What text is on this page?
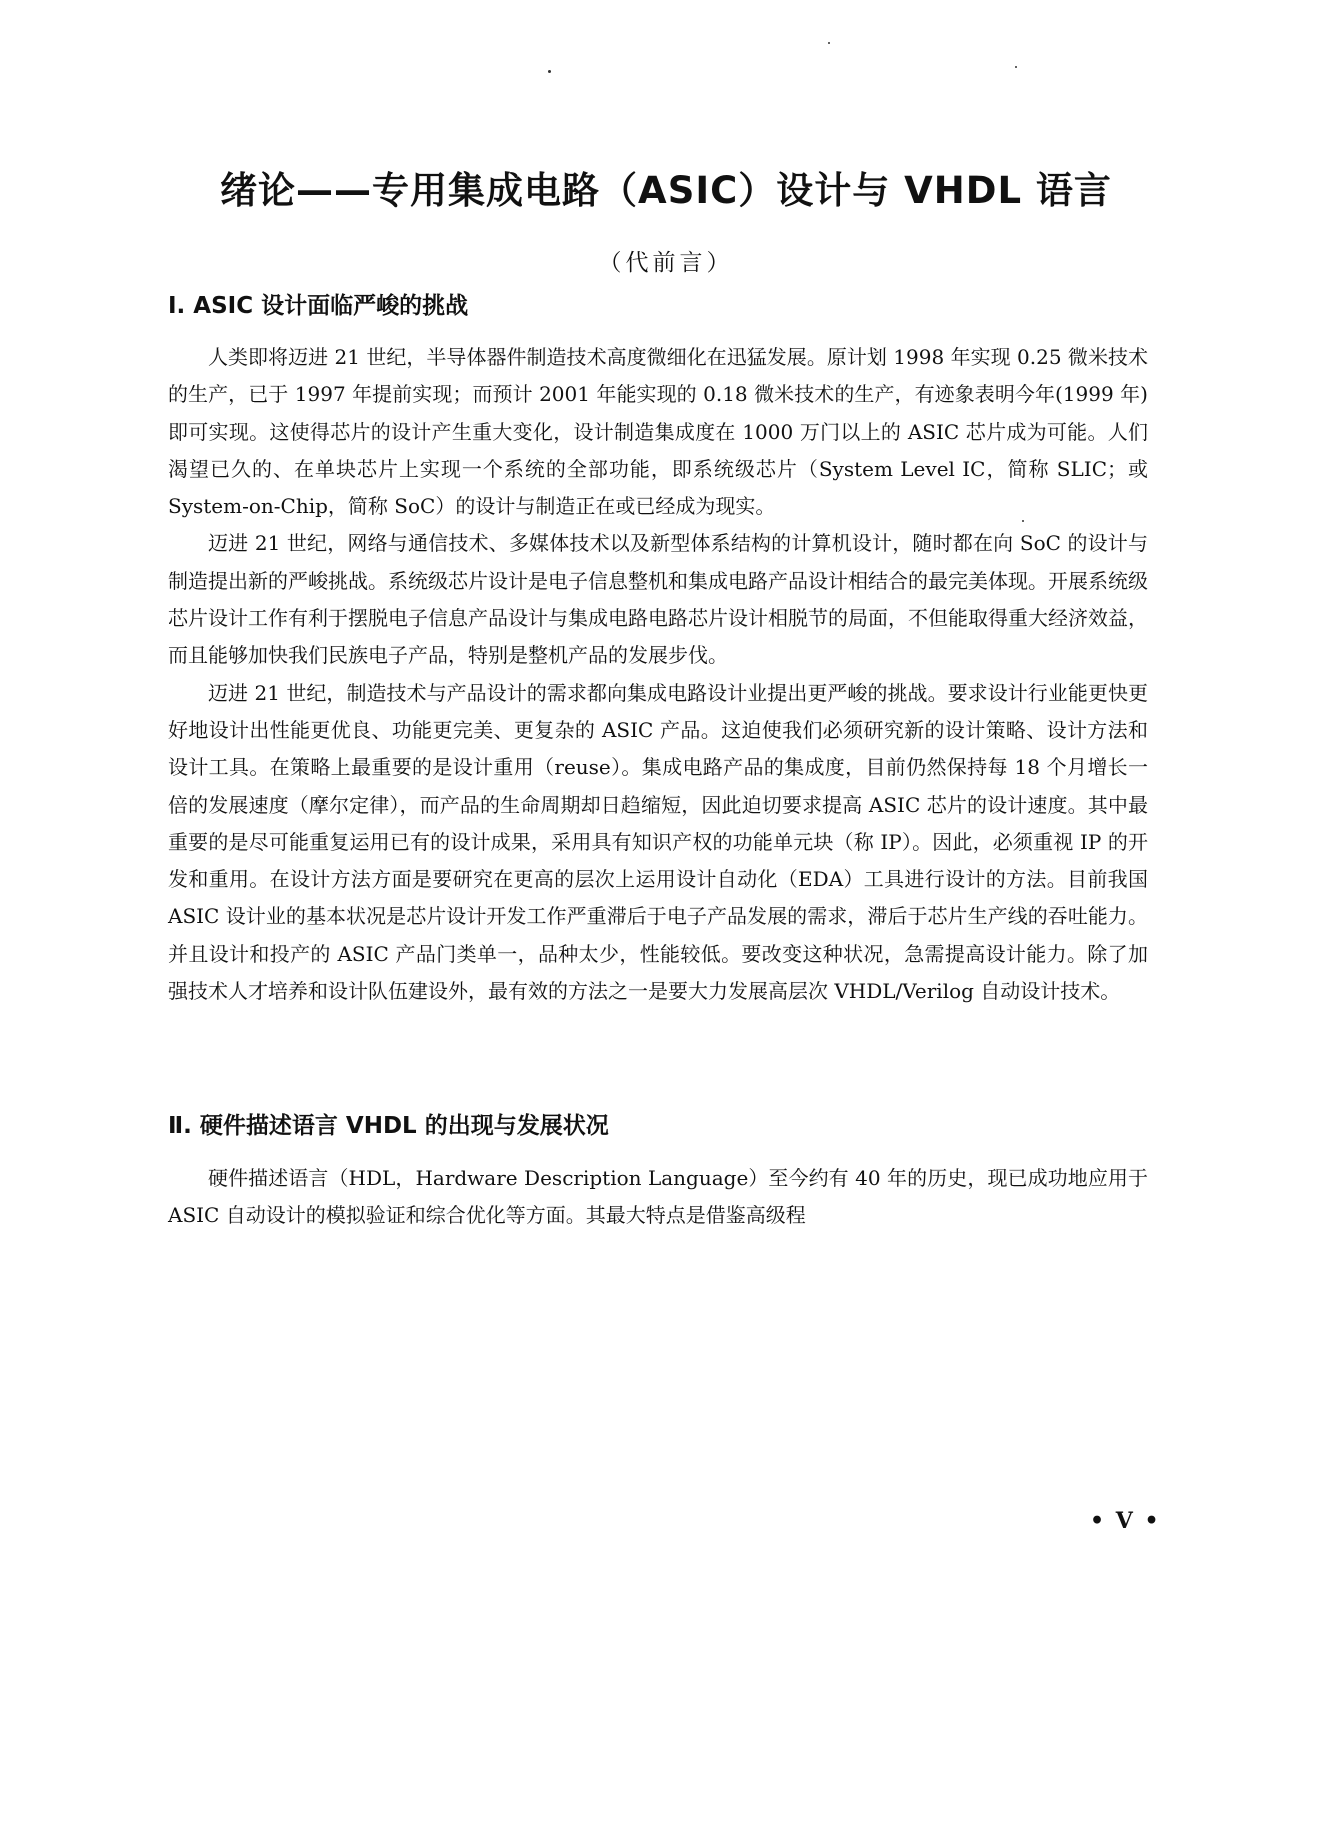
绪论——专用集成电路（ASIC）设计与 VHDL 语言
（代前言）
Ⅰ. ASIC 设计面临严峻的挑战

人类即将迈进 21 世纪，半导体器件制造技术高度微细化在迅猛发展。原计划 1998 年实现 0.25 微米技术的生产，已于 1997 年提前实现；而预计 2001 年能实现的 0.18 微米技术的生产，有迹象表明今年(1999 年)即可实现。这使得芯片的设计产生重大变化，设计制造集成度在 1000 万门以上的 ASIC 芯片成为可能。人们渴望已久的、在单块芯片上实现一个系统的全部功能，即系统级芯片（System Level IC，简称 SLIC；或 System-on-Chip，简称 SoC）的设计与制造正在或已经成为现实。

迈进 21 世纪，网络与通信技术、多媒体技术以及新型体系结构的计算机设计，随时都在向 SoC 的设计与制造提出新的严峻挑战。系统级芯片设计是电子信息整机和集成电路产品设计相结合的最完美体现。开展系统级芯片设计工作有利于摆脱电子信息产品设计与集成电路电路芯片设计相脱节的局面，不但能取得重大经济效益，而且能够加快我们民族电子产品，特别是整机产品的发展步伐。

迈进 21 世纪，制造技术与产品设计的需求都向集成电路设计业提出更严峻的挑战。要求设计行业能更快更好地设计出性能更优良、功能更完美、更复杂的 ASIC 产品。这迫使我们必须研究新的设计策略、设计方法和设计工具。在策略上最重要的是设计重用（reuse）。集成电路产品的集成度，目前仍然保持每 18 个月增长一倍的发展速度（摩尔定律），而产品的生命周期却日趋缩短，因此迫切要求提高 ASIC 芯片的设计速度。其中最重要的是尽可能重复运用已有的设计成果，采用具有知识产权的功能单元块（称 IP）。因此，必须重视 IP 的开发和重用。在设计方法方面是要研究在更高的层次上运用设计自动化（EDA）工具进行设计的方法。目前我国 ASIC 设计业的基本状况是芯片设计开发工作严重滞后于电子产品发展的需求，滞后于芯片生产线的吞吐能力。并且设计和投产的 ASIC 产品门类单一，品种太少，性能较低。要改变这种状况，急需提高设计能力。除了加强技术人才培养和设计队伍建设外，最有效的方法之一是要大力发展高层次 VHDL/Verilog 自动设计技术。

Ⅱ. 硬件描述语言 VHDL 的出现与发展状况

硬件描述语言（HDL，Hardware Description Language）至今约有 40 年的历史，现已成功地应用于 ASIC 自动设计的模拟验证和综合优化等方面。其最大特点是借鉴高级程

• V •
